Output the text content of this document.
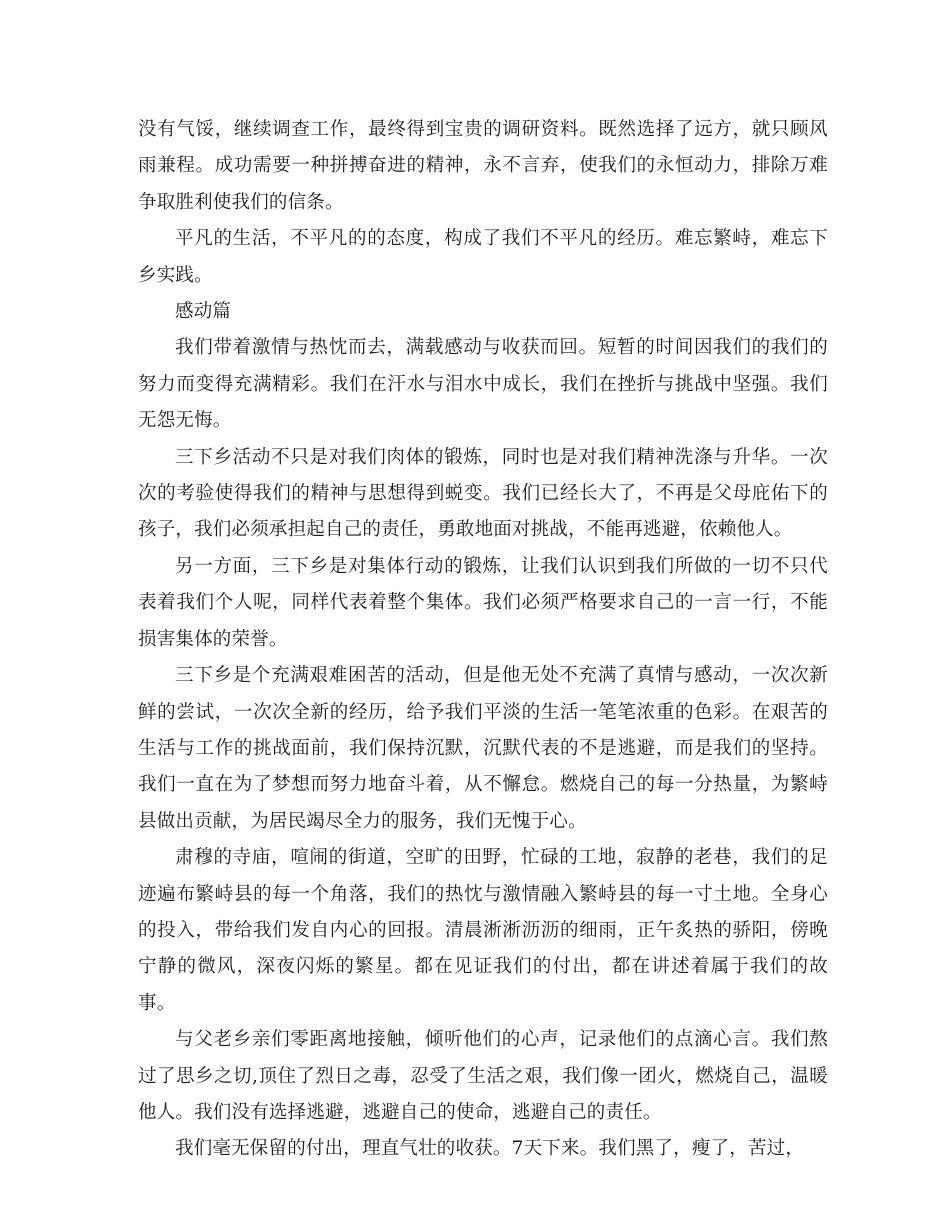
没有气馁，继续调查工作，最终得到宝贵的调研资料。既然选择了远方，就只顾风雨兼程。成功需要一种拼搏奋进的精神，永不言弃，使我们的永恒动力，排除万难争取胜利使我们的信条。

平凡的生活，不平凡的的态度，构成了我们不平凡的经历。难忘繁峙，难忘下乡实践。

感动篇

我们带着激情与热忱而去，满载感动与收获而回。短暂的时间因我们的我们的努力而变得充满精彩。我们在汗水与泪水中成长，我们在挫折与挑战中坚强。我们无怨无悔。

三下乡活动不只是对我们肉体的锻炼，同时也是对我们精神洗涤与升华。一次次的考验使得我们的精神与思想得到蜕变。我们已经长大了，不再是父母庇佑下的孩子，我们必须承担起自己的责任，勇敢地面对挑战，不能再逃避，依赖他人。

另一方面，三下乡是对集体行动的锻炼，让我们认识到我们所做的一切不只代表着我们个人呢，同样代表着整个集体。我们必须严格要求自己的一言一行，不能损害集体的荣誉。

三下乡是个充满艰难困苦的活动，但是他无处不充满了真情与感动，一次次新鲜的尝试，一次次全新的经历，给予我们平淡的生活一笔笔浓重的色彩。在艰苦的生活与工作的挑战面前，我们保持沉默，沉默代表的不是逃避，而是我们的坚持。我们一直在为了梦想而努力地奋斗着，从不懈怠。燃烧自己的每一分热量，为繁峙县做出贡献，为居民竭尽全力的服务，我们无愧于心。

肃穆的寺庙，喧闹的街道，空旷的田野，忙碌的工地，寂静的老巷，我们的足迹遍布繁峙县的每一个角落，我们的热忱与激情融入繁峙县的每一寸土地。全身心的投入，带给我们发自内心的回报。清晨淅淅沥沥的细雨，正午炙热的骄阳，傍晚宁静的微风，深夜闪烁的繁星。都在见证我们的付出，都在讲述着属于我们的故事。

与父老乡亲们零距离地接触，倾听他们的心声，记录他们的点滴心言。我们熬过了思乡之切,顶住了烈日之毒，忍受了生活之艰，我们像一团火，燃烧自己，温暖他人。我们没有选择逃避，逃避自己的使命，逃避自己的责任。

我们毫无保留的付出，理直气壮的收获。7天下来。我们黑了，瘦了，苦过，
